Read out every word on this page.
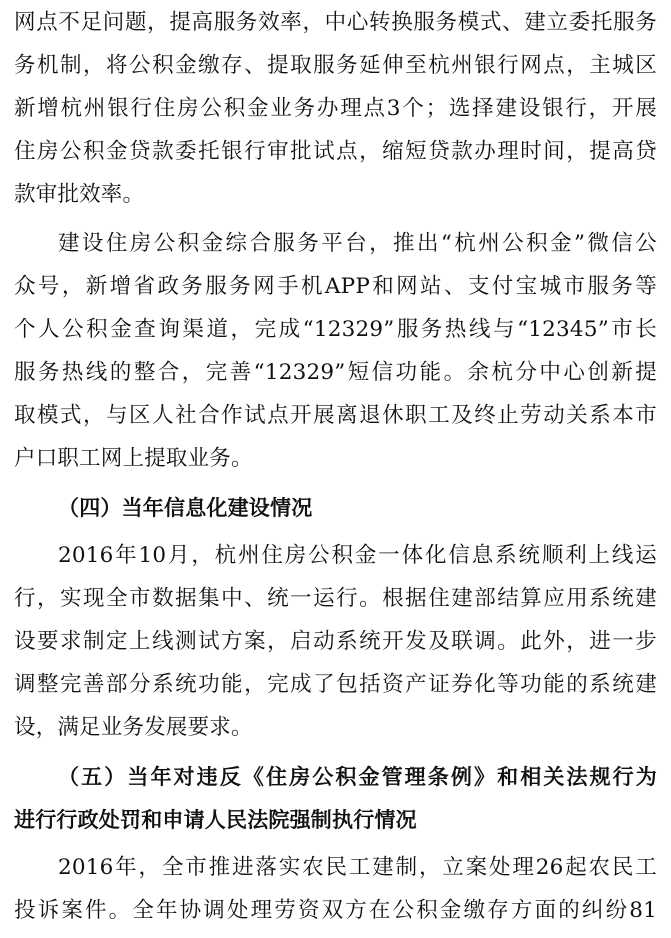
网点不足问题，提高服务效率，中心转换服务模式、建立委托服务
务机制，将公积金缴存、提取服务延伸至杭州银行网点，主城区
新增杭州银行住房公积金业务办理点3个；选择建设银行，开展
住房公积金贷款委托银行审批试点，缩短贷款办理时间，提高贷
款审批效率。
建设住房公积金综合服务平台，推出“杭州公积金”微信公
众号，新增省政务服务网手机APP和网站、支付宝城市服务等
个人公积金查询渠道，完成“12329”服务热线与“12345”市长
服务热线的整合，完善“12329”短信功能。余杭分中心创新提
取模式，与区人社合作试点开展离退休职工及终止劳动关系本市
户口职工网上提取业务。
（四）当年信息化建设情况
2016年10月，杭州住房公积金一体化信息系统顺利上线运
行，实现全市数据集中、统一运行。根据住建部结算应用系统建
设要求制定上线测试方案，启动系统开发及联调。此外，进一步
调整完善部分系统功能，完成了包括资产证券化等功能的系统建
设，满足业务发展要求。
（五）当年对违反《住房公积金管理条例》和相关法规行为
进行行政处罚和申请人民法院强制执行情况
2016年，全市推进落实农民工建制，立案处理26起农民工
投诉案件。全年协调处理劳资双方在公积金缴存方面的纠纷81
